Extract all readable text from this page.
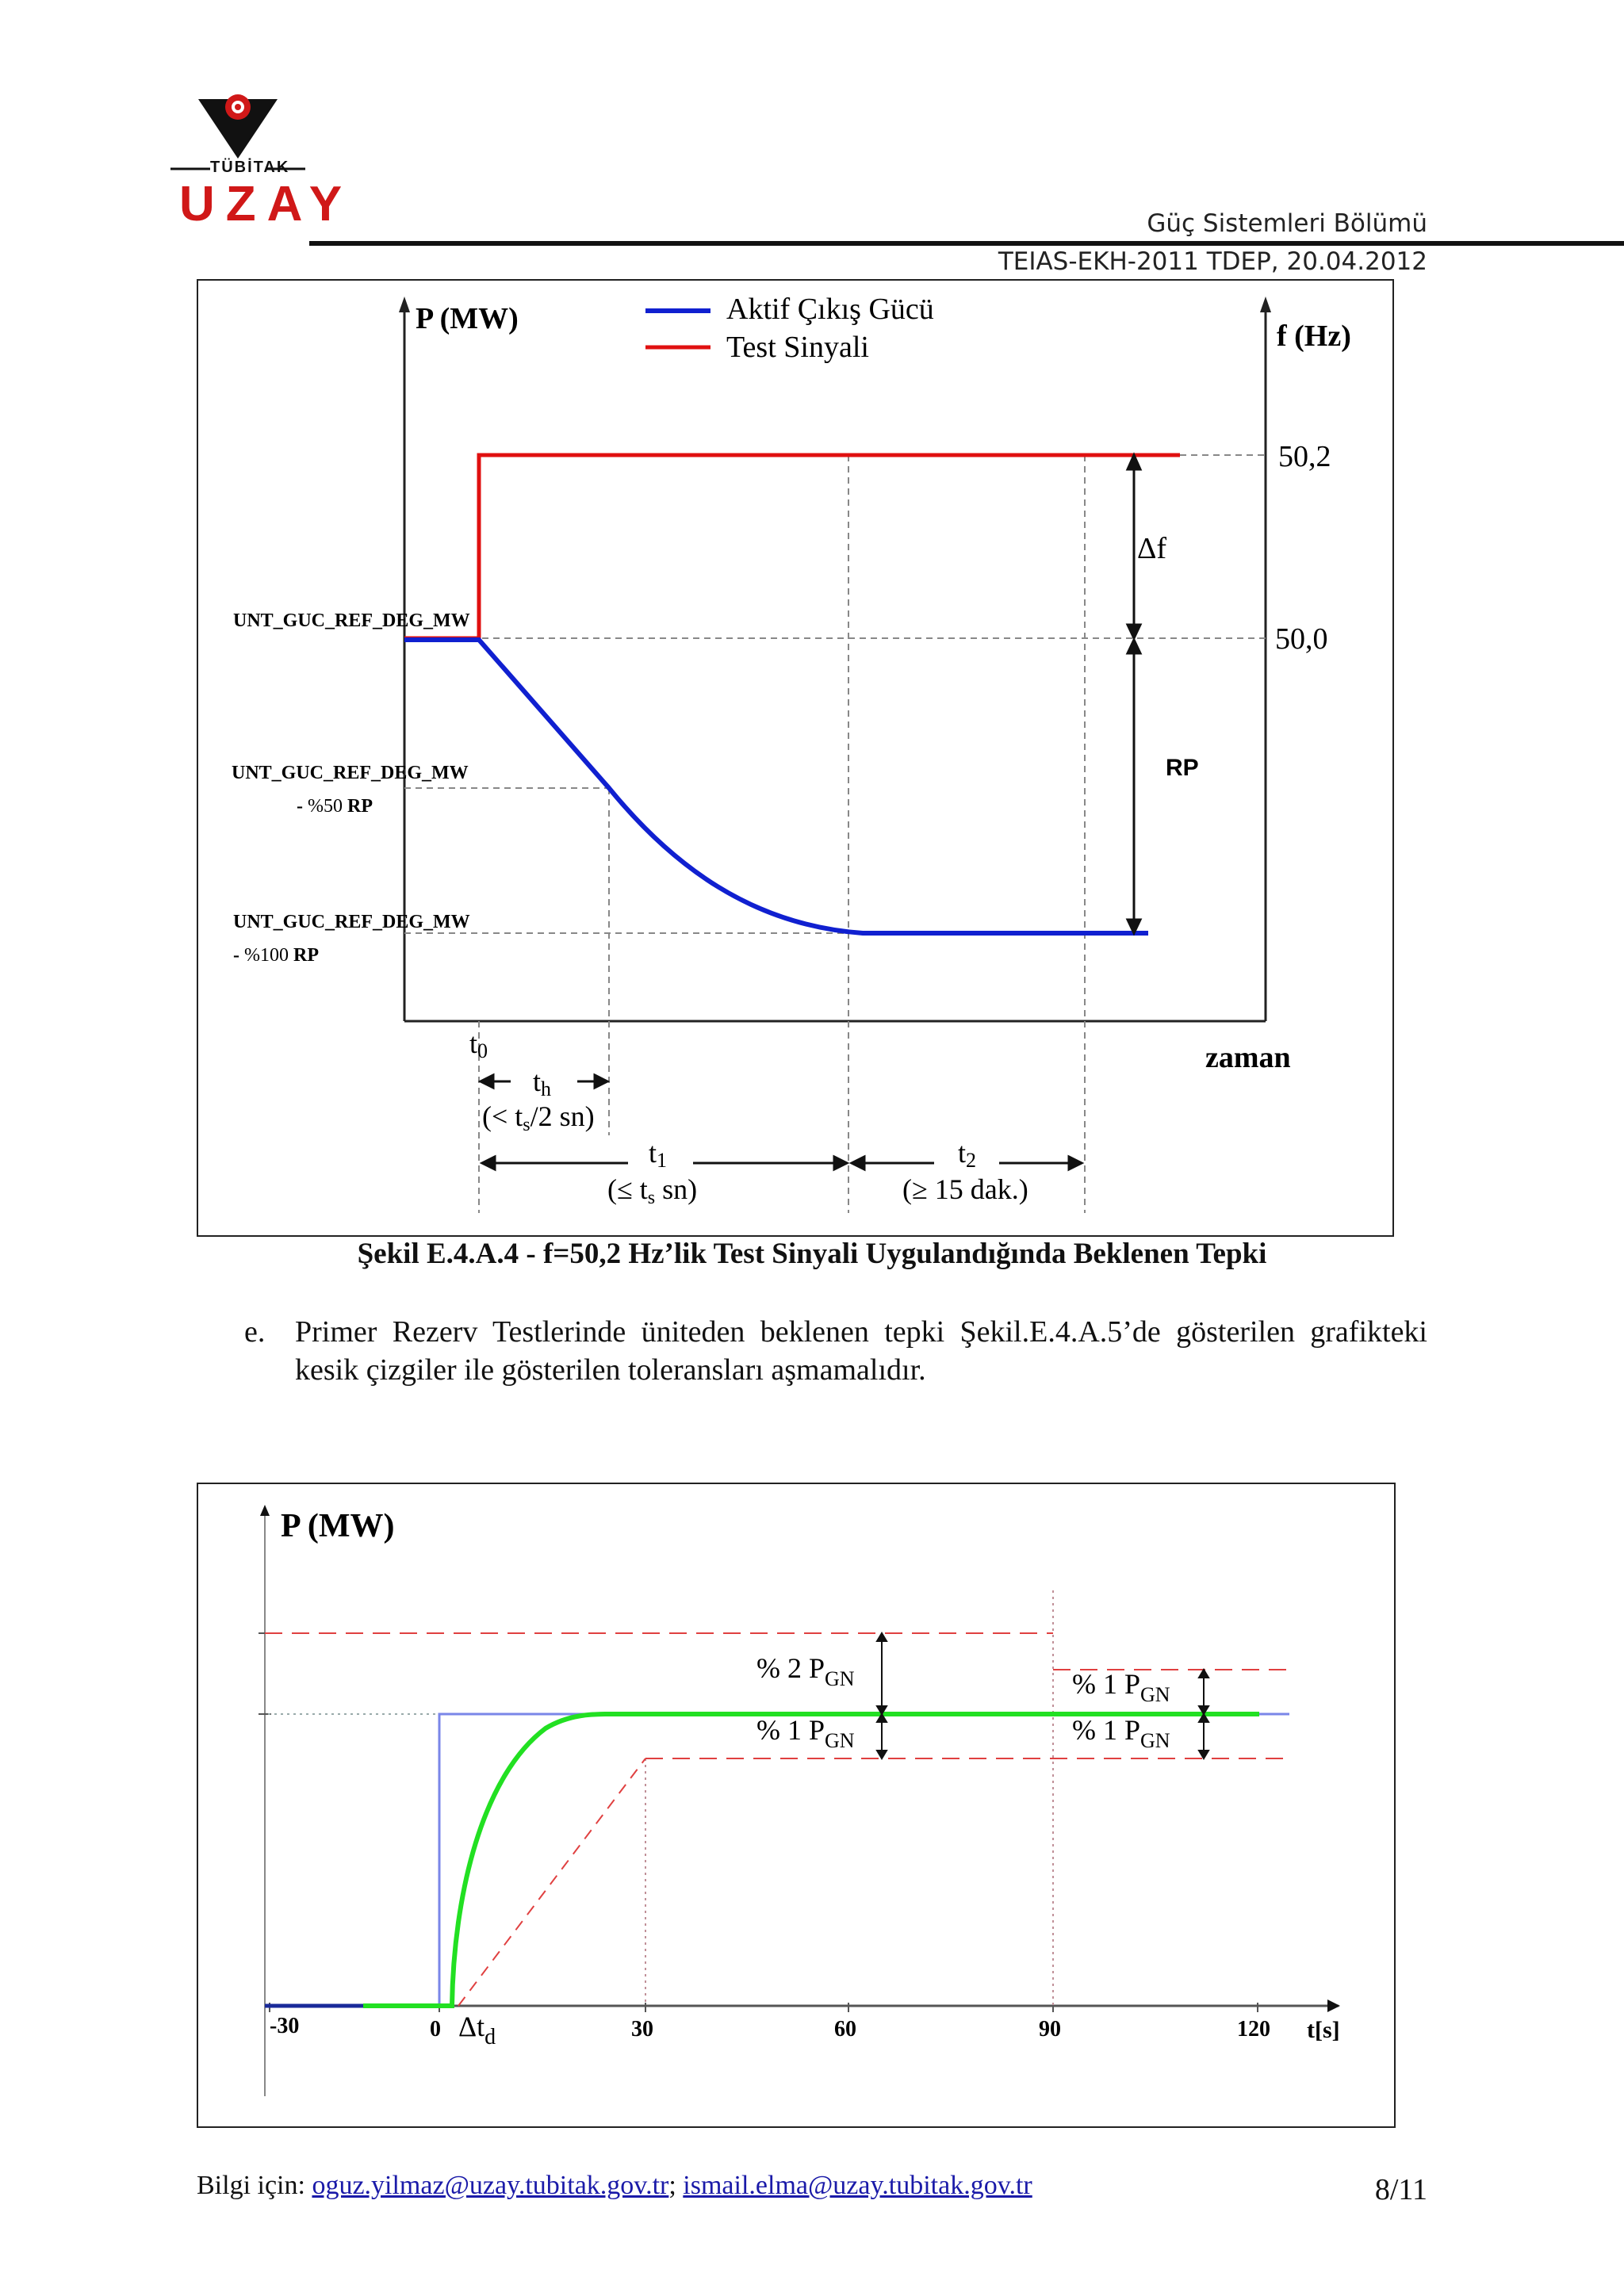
TÜBİTAK
UZAY	Güç Sistemleri Bölümü
TEIAS-EKH-2011 TDEP, 20.04.2012
P (MW)
f (Hz)
Aktif Çıkış Gücü
Test Sinyali
50,2
50,0
Δf
RP
UNT_GUC_REF_DEG_MW
UNT_GUC_REF_DEG_MW
- %50 RP
UNT_GUC_REF_DEG_MW
- %100 RP
zaman
t0
th
(< ts/2 sn)
t1
(≤ ts sn)
t2
(≥ 15 dak.)
Şekil E.4.A.4 - f=50,2 Hz’lik Test Sinyali Uygulandığında Beklenen Tepki
e. Primer Rezerv Testlerinde üniteden beklenen tepki Şekil.E.4.A.5’de gösterilen grafikteki kesik çizgiler ile gösterilen toleransları aşmamalıdır.
P (MW)
t[s]
-30	0	30	60	90	120
$\Delta t_d$
% 2 $P_{GN}$
% 1 $P_{GN}$
% 1 $P_{GN}$
% 1 $P_{GN}$
Bilgi için: oguz.yilmaz@uzay.tubitak.gov.tr; ismail.elma@uzay.tubitak.gov.tr	8/11
